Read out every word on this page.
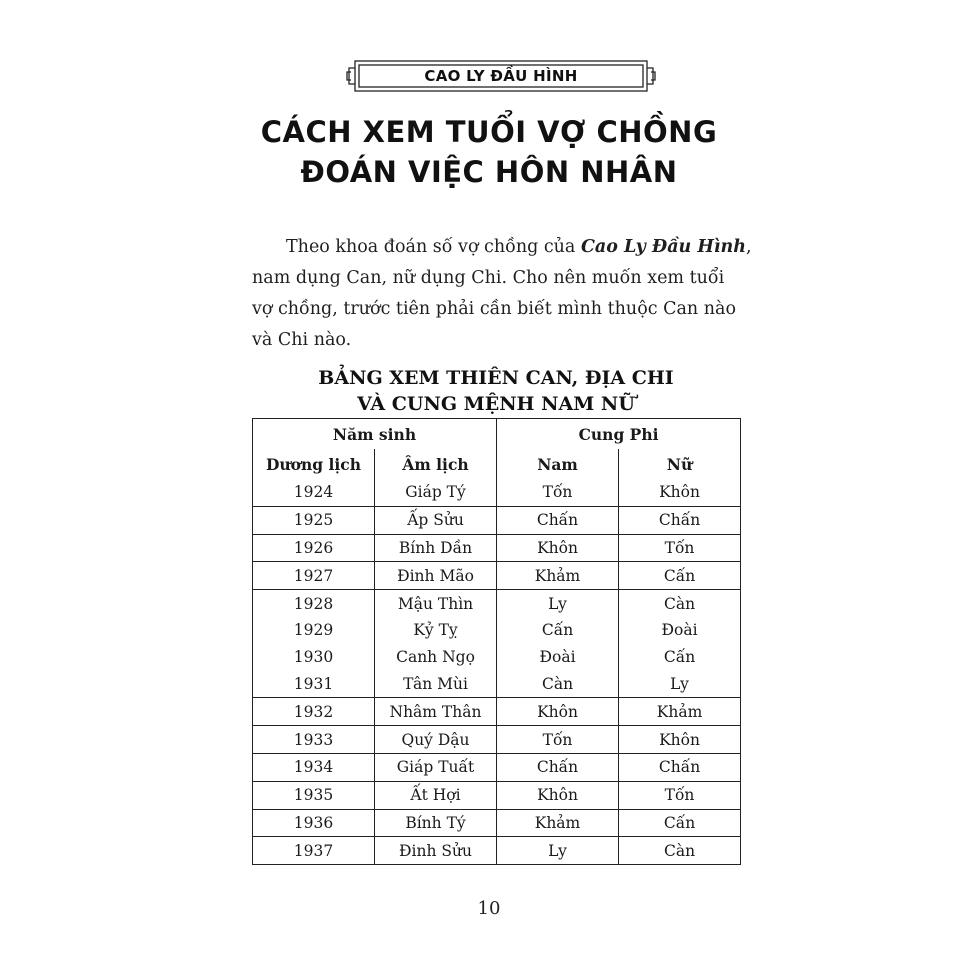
CAO LY ĐẦU HÌNH
CÁCH XEM TUỔI VỢ CHỒNG
ĐOÁN VIỆC HÔN NHÂN
Theo khoa đoán số vợ chồng của Cao Ly Đầu Hình,
nam dụng Can, nữ dụng Chi. Cho nên muốn xem tuổi
vợ chồng, trước tiên phải cần biết mình thuộc Can nào
và Chi nào.
BẢNG XEM THIÊN CAN, ĐỊA CHI
VÀ CUNG MỆNH NAM NỮ
Năm sinh		Cung Phi	
Dương lịch	Âm lịch	Nam	Nữ
1924	Giáp Tý	Tốn	Khôn
1925	Ấp Sửu	Chấn	Chấn
1926	Bính Dần	Khôn	Tốn
1927	Đinh Mão	Khảm	Cấn
1928	Mậu Thìn	Ly	Càn
1929	Kỷ Tỵ	Cấn	Đoài
1930	Canh Ngọ	Đoài	Cấn
1931	Tân Mùi	Càn	Ly
1932	Nhâm Thân	Khôn	Khảm
1933	Quý Dậu	Tốn	Khôn
1934	Giáp Tuất	Chấn	Chấn
1935	Ất Hợi	Khôn	Tốn
1936	Bính Tý	Khảm	Cấn
1937	Đinh Sửu	Ly	Càn
10
